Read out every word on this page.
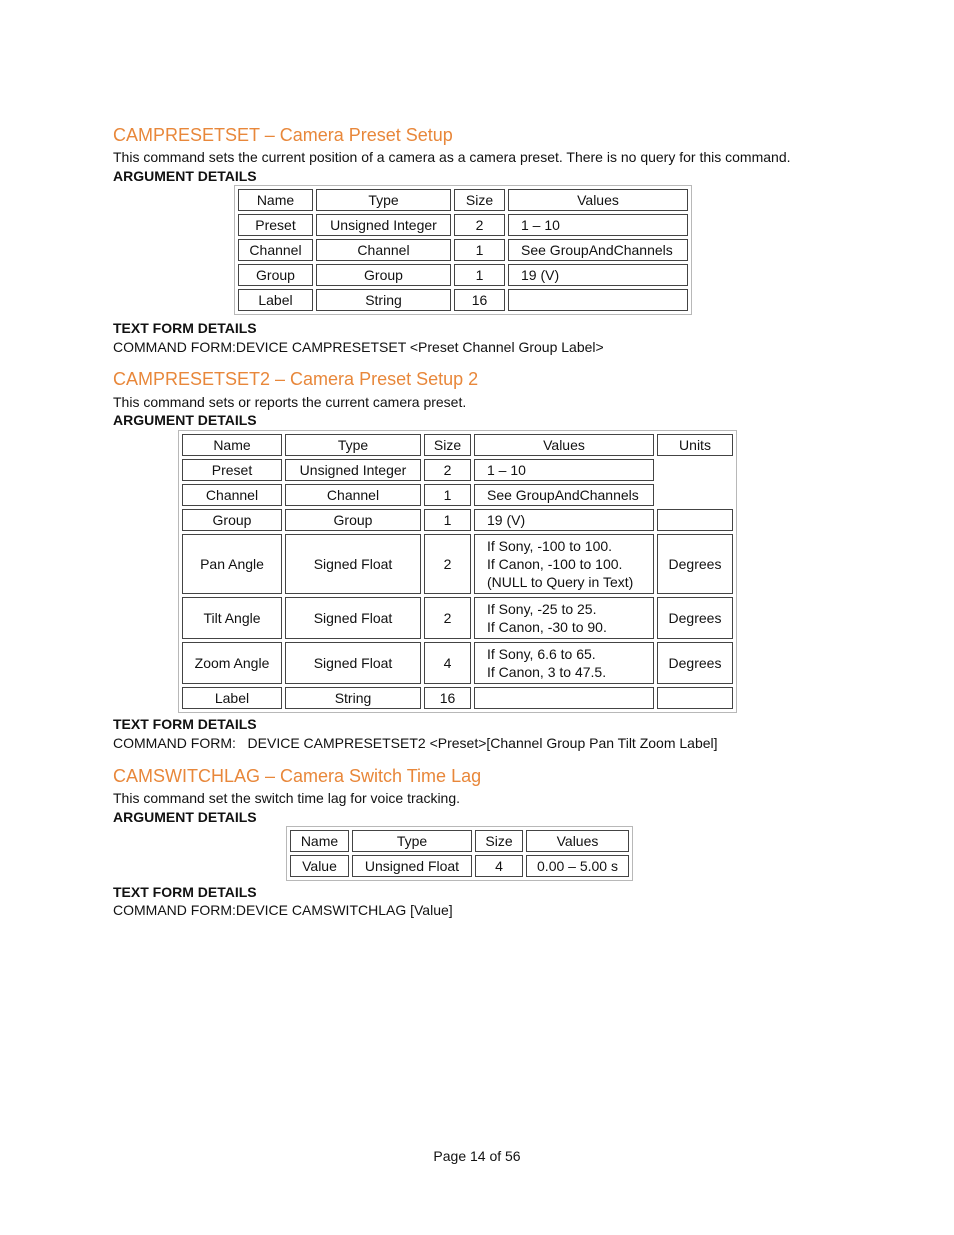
CAMPRESETSET – Camera Preset Setup
This command sets the current position of a camera as a camera preset. There is no query for this command.
ARGUMENT DETAILS
Name	Type	Size	Values
Preset	Unsigned Integer	2	1 – 10
Channel	Channel	1	See GroupAndChannels
Group	Group	1	19 (V)
Label	String	16	
TEXT FORM DETAILS
COMMAND FORM:DEVICE CAMPRESETSET <Preset Channel Group Label>
CAMPRESETSET2 – Camera Preset Setup 2
This command sets or reports the current camera preset.
ARGUMENT DETAILS
Name	Type	Size	Values	Units
Preset	Unsigned Integer	2	1 – 10	
Channel	Channel	1	See GroupAndChannels	
Group	Group	1	19 (V)	
Pan Angle	Signed Float	2	If Sony, -100 to 100.
If Canon, -100 to 100.
(NULL to Query in Text)	Degrees
Tilt Angle	Signed Float	2	If Sony, -25 to 25.
If Canon, -30 to 90.	Degrees
Zoom Angle	Signed Float	4	If Sony, 6.6 to 65.
If Canon, 3 to 47.5.	Degrees
Label	String	16		
TEXT FORM DETAILS
COMMAND FORM:   DEVICE CAMPRESETSET2 <Preset>[Channel Group Pan Tilt Zoom Label]
CAMSWITCHLAG – Camera Switch Time Lag
This command set the switch time lag for voice tracking.
ARGUMENT DETAILS
Name	Type	Size	Values
Value	Unsigned Float	4	0.00 – 5.00 s
TEXT FORM DETAILS
COMMAND FORM:DEVICE CAMSWITCHLAG [Value]
Page 14 of 56
